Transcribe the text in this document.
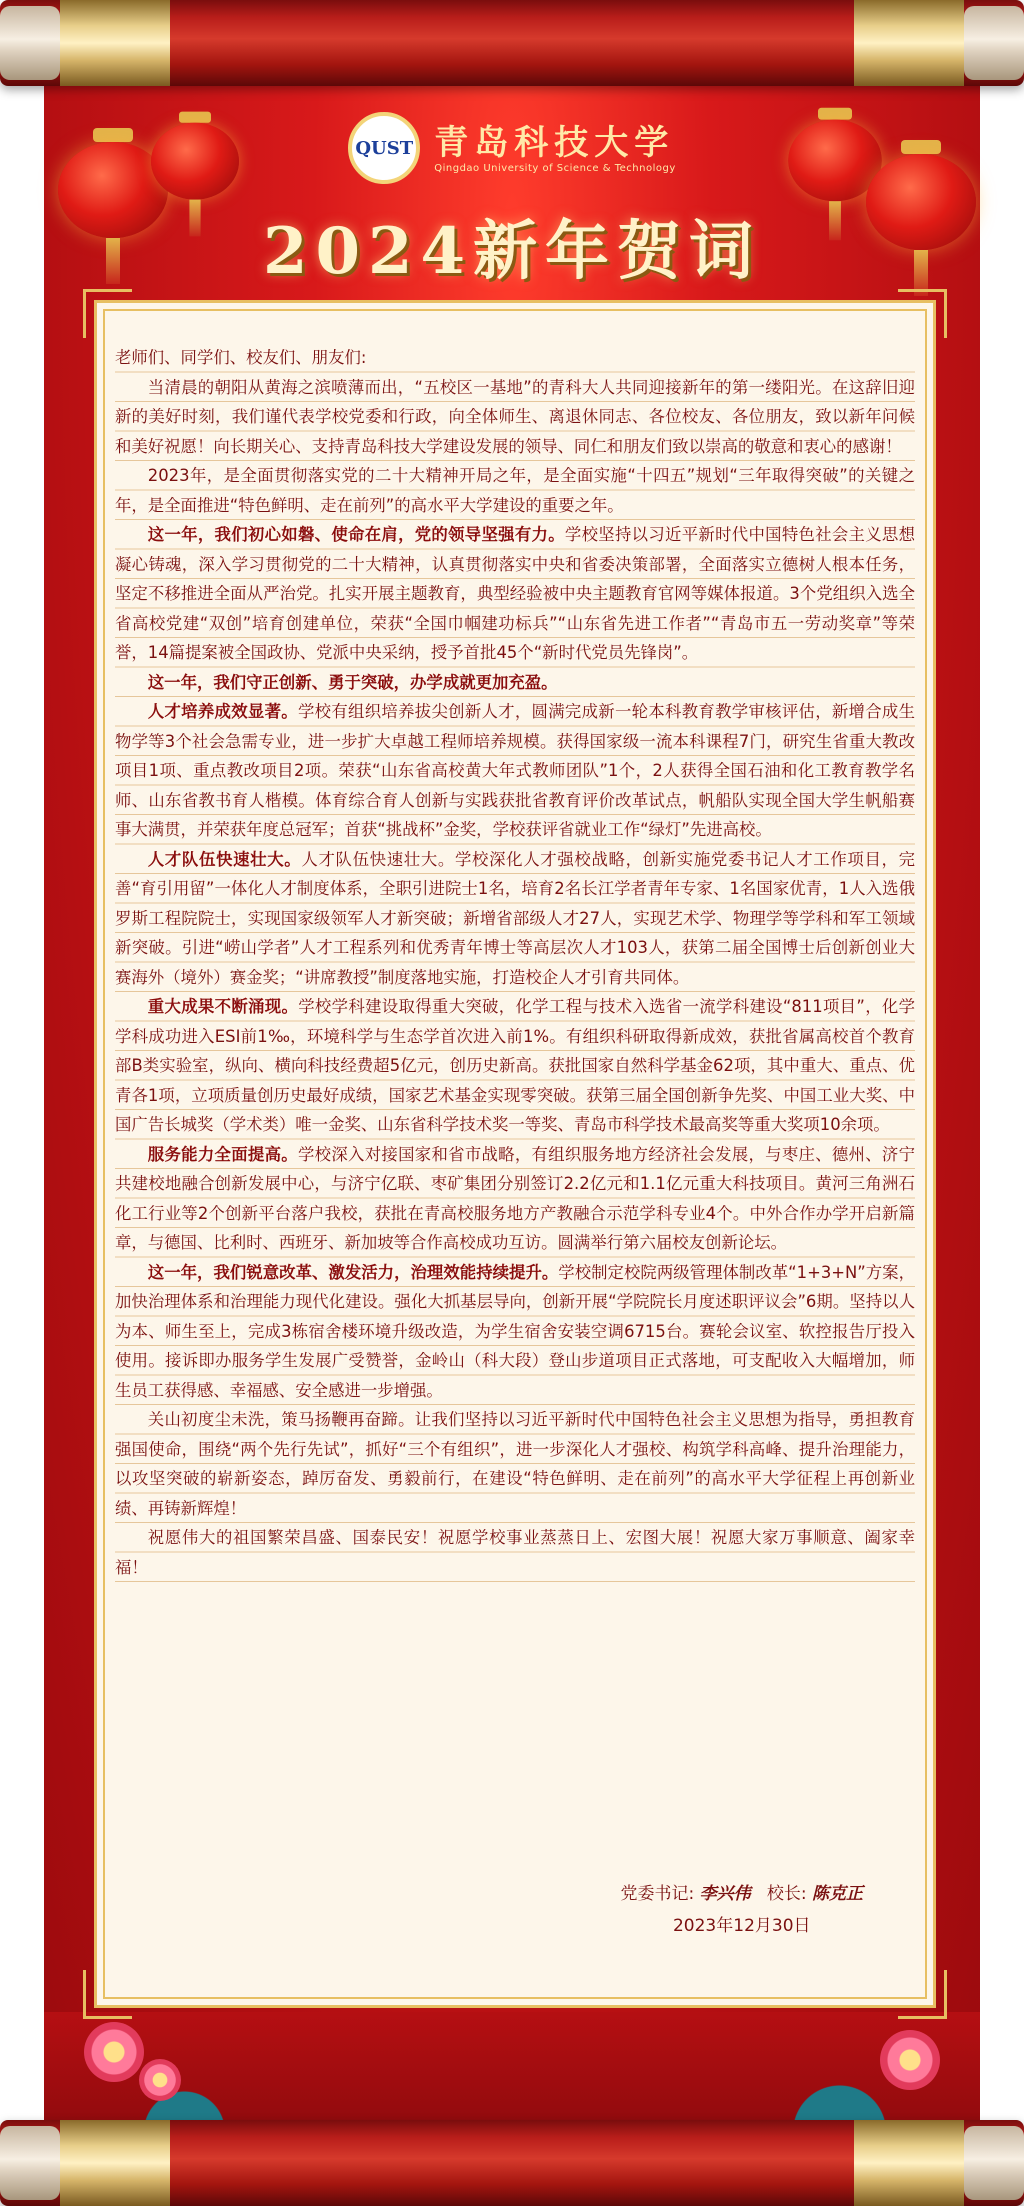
QUST 青岛科技大学
Qingdao University of Science & Technology
2024新年贺词

老师们、同学们、校友们、朋友们:

当清晨的朝阳从黄海之滨喷薄而出，“五校区一基地”的青科大人共同迎接新年的第一缕阳光。在这辞旧迎新的美好时刻，我们谨代表学校党委和行政，向全体师生、离退休同志、各位校友、各位朋友，致以新年问候和美好祝愿！向长期关心、支持青岛科技大学建设发展的领导、同仁和朋友们致以崇高的敬意和衷心的感谢！

2023年，是全面贯彻落实党的二十大精神开局之年，是全面实施“十四五”规划“三年取得突破”的关键之年，是全面推进“特色鲜明、走在前列”的高水平大学建设的重要之年。

这一年，我们初心如磐、使命在肩，党的领导坚强有力。学校坚持以习近平新时代中国特色社会主义思想凝心铸魂，深入学习贯彻党的二十大精神，认真贯彻落实中央和省委决策部署，全面落实立德树人根本任务，坚定不移推进全面从严治党。扎实开展主题教育，典型经验被中央主题教育官网等媒体报道。3个党组织入选全省高校党建“双创”培育创建单位，荣获“全国巾帼建功标兵”“山东省先进工作者”“青岛市五一劳动奖章”等荣誉，14篇提案被全国政协、党派中央采纳，授予首批45个“新时代党员先锋岗”。

这一年，我们守正创新、勇于突破，办学成就更加充盈。

人才培养成效显著。学校有组织培养拔尖创新人才，圆满完成新一轮本科教育教学审核评估，新增合成生物学等3个社会急需专业，进一步扩大卓越工程师培养规模。获得国家级一流本科课程7门，研究生省重大教改项目1项、重点教改项目2项。荣获“山东省高校黄大年式教师团队”1个，2人获得全国石油和化工教育教学名师、山东省教书育人楷模。体育综合育人创新与实践获批省教育评价改革试点，帆船队实现全国大学生帆船赛事大满贯，并荣获年度总冠军；首获“挑战杯”金奖，学校获评省就业工作“绿灯”先进高校。

人才队伍快速壮大。人才队伍快速壮大。学校深化人才强校战略，创新实施党委书记人才工作项目，完善“育引用留”一体化人才制度体系，全职引进院士1名，培育2名长江学者青年专家、1名国家优青，1人入选俄罗斯工程院院士，实现国家级领军人才新突破；新增省部级人才27人，实现艺术学、物理学等学科和军工领域新突破。引进“崂山学者”人才工程系列和优秀青年博士等高层次人才103人，获第二届全国博士后创新创业大赛海外（境外）赛金奖；“讲席教授”制度落地实施，打造校企人才引育共同体。

重大成果不断涌现。学校学科建设取得重大突破，化学工程与技术入选省一流学科建设“811项目”，化学学科成功进入ESI前1‰，环境科学与生态学首次进入前1%。有组织科研取得新成效，获批省属高校首个教育部B类实验室，纵向、横向科技经费超5亿元，创历史新高。获批国家自然科学基金62项，其中重大、重点、优青各1项，立项质量创历史最好成绩，国家艺术基金实现零突破。获第三届全国创新争先奖、中国工业大奖、中国广告长城奖（学术类）唯一金奖、山东省科学技术奖一等奖、青岛市科学技术最高奖等重大奖项10余项。

服务能力全面提高。学校深入对接国家和省市战略，有组织服务地方经济社会发展，与枣庄、德州、济宁共建校地融合创新发展中心，与济宁亿联、枣矿集团分别签订2.2亿元和1.1亿元重大科技项目。黄河三角洲石化工行业等2个创新平台落户我校，获批在青高校服务地方产教融合示范学科专业4个。中外合作办学开启新篇章，与德国、比利时、西班牙、新加坡等合作高校成功互访。圆满举行第六届校友创新论坛。

这一年，我们锐意改革、激发活力，治理效能持续提升。学校制定校院两级管理体制改革“1+3+N”方案，加快治理体系和治理能力现代化建设。强化大抓基层导向，创新开展“学院院长月度述职评议会”6期。坚持以人为本、师生至上，完成3栋宿舍楼环境升级改造，为学生宿舍安装空调6715台。赛轮会议室、软控报告厅投入使用。接诉即办服务学生发展广受赞誉，金岭山（科大段）登山步道项目正式落地，可支配收入大幅增加，师生员工获得感、幸福感、安全感进一步增强。

关山初度尘未洗，策马扬鞭再奋蹄。让我们坚持以习近平新时代中国特色社会主义思想为指导，勇担教育强国使命，围绕“两个先行先试”，抓好“三个有组织”，进一步深化人才强校、构筑学科高峰、提升治理能力，以攻坚突破的崭新姿态，踔厉奋发、勇毅前行，在建设“特色鲜明、走在前列”的高水平大学征程上再创新业绩、再铸新辉煌！

祝愿伟大的祖国繁荣昌盛、国泰民安！祝愿学校事业蒸蒸日上、宏图大展！祝愿大家万事顺意、阖家幸福！

党委书记: 李兴伟 校长: 陈克正
2023年12月30日
